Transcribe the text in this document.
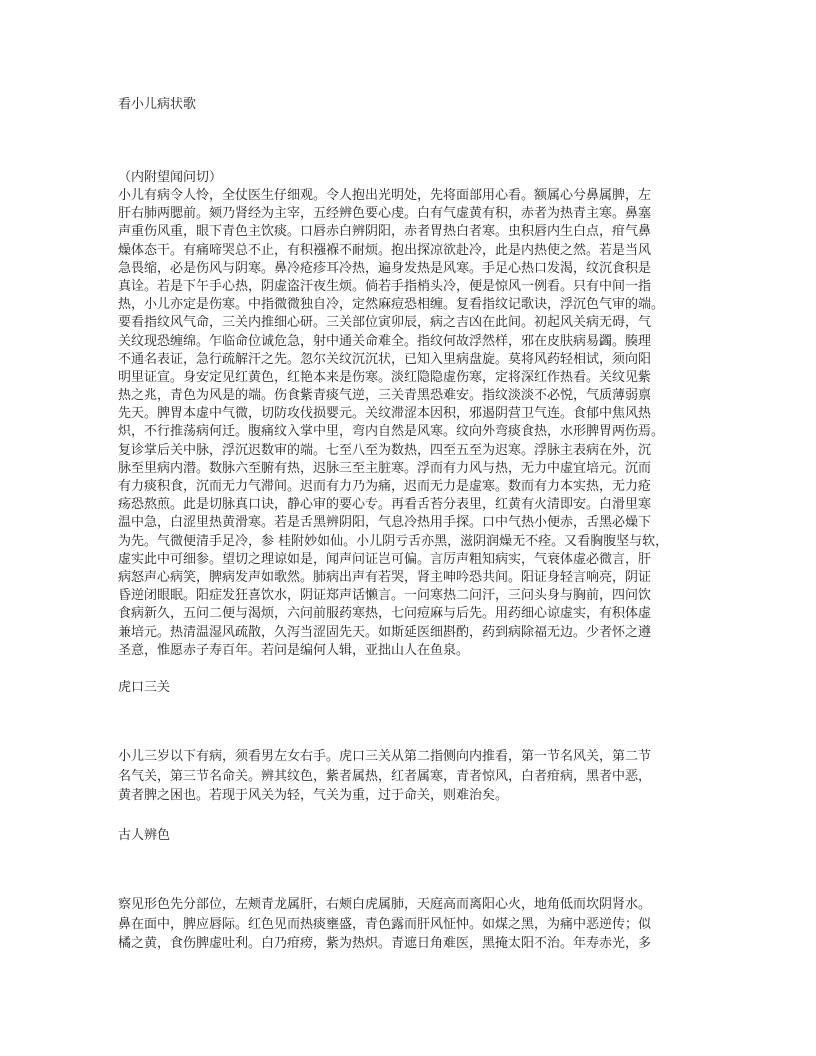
看小儿病状歌
（内附望闻问切）
小儿有病令人怜，全仗医生仔细观。令人抱出光明处，先将面部用心看。额属心兮鼻属脾，左
肝右肺两腮前。颏乃肾经为主宰，五经辨色要心虔。白有气虚黄有积，赤者为热青主寒。鼻塞
声重伤风重，眼下青色主饮痰。口唇赤白辨阴阳，赤者胃热白者寒。虫积唇内生白点，疳气鼻
燥体态干。有痛啼哭总不止，有积襁褓不耐烦。抱出探凉欲赴冷，此是内热使之然。若是当风
急畏缩，必是伤风与阴寒。鼻冷疮疹耳冷热，遍身发热是风寒。手足心热口发渴，纹沉食积是
真诠。若是下午手心热，阴虚盗汗夜生烦。倘若手指梢头冷，便是惊风一例看。只有中间一指
热，小儿亦定是伤寒。中指微微独自冷，定然麻痘恐相缠。复看指纹记歌诀，浮沉色气审的端。
要看指纹风气命，三关内推细心研。三关部位寅卯辰，病之吉凶在此间。初起风关病无碍，气
关纹现恐缠绵。乍临命位诚危急，射中通关命难全。指纹何故浮然样，邪在皮肤病易蠲。腠理
不通名表证，急行疏解汗之先。忽尔关纹沉沉状，已知入里病盘旋。莫将风药轻相试，须向阳
明里证宣。身安定见红黄色，红艳本来是伤寒。淡红隐隐虚伤寒，定将深红作热看。关纹见紫
热之兆，青色为风是的端。伤食紫青痰气逆，三关青黑恐难安。指纹淡淡不必悦，气质薄弱禀
先天。脾胃本虚中气微，切防攻伐损婴元。关纹滞涩本因积，邪遏阴营卫气连。食郁中焦风热
炽，不行推荡病何迁。腹痛纹入掌中里，弯内自然是风寒。纹向外弯痰食热，水形脾胃两伤焉。
复诊掌后关中脉，浮沉迟数审的端。七至八至为数热，四至五至为迟寒。浮脉主表病在外，沉
脉至里病内潜。数脉六至腑有热，迟脉三至主脏寒。浮而有力风与热，无力中虚宜培元。沉而
有力痰积食，沉而无力气滞间。迟而有力乃为痛，迟而无力是虚寒。数而有力本实热，无力疮
疡恐熬煎。此是切脉真口诀，静心审的要心专。再看舌苔分表里，红黄有火清即安。白滑里寒
温中急，白涩里热黄滑寒。若是舌黑辨阴阳，气息冷热用手探。口中气热小便赤，舌黑必燥下
为先。气微便清手足冷，参 桂附妙如仙。小儿阴亏舌亦黑，滋阴润燥无不痊。又看胸腹坚与软，
虚实此中可细参。望切之理谅如是，闻声问证岂可偏。言厉声粗知病实，气衰体虚必微言，肝
病怒声心病笑，脾病发声如歌然。肺病出声有若哭，肾主呻吟恐共间。阳证身轻言响亮，阴证
昏逆闭眼眠。阳症发狂喜饮水，阴证郑声话懒言。一问寒热二问汗，三问头身与胸前，四问饮
食病新久，五问二便与渴烦，六问前服药寒热，七问痘麻与后先。用药细心谅虚实，有积体虚
兼培元。热清温湿风疏散，久泻当涩固先天。如斯延医细斟酌，药到病除福无边。少者怀之遵
圣意，惟愿赤子寿百年。若问是编何人辑，亚拙山人在鱼泉。
虎口三关
小儿三岁以下有病，须看男左女右手。虎口三关从第二指侧向内推看，第一节名风关，第二节
名气关，第三节名命关。辨其纹色，紫者属热，红者属寒，青者惊风，白者疳病，黑者中恶，
黄者脾之困也。若现于风关为轻，气关为重，过于命关，则难治矣。
古人辨色
察见形色先分部位，左颊青龙属肝，右颊白虎属肺，天庭高而离阳心火，地角低而坎阴肾水。
鼻在面中，脾应唇际。红色见而热痰壅盛，青色露而肝风怔忡。如煤之黑，为痛中恶逆传；似
橘之黄，食伤脾虚吐利。白乃疳痨，紫为热炽。青遮日角难医，黑掩太阳不治。年寿赤光，多
